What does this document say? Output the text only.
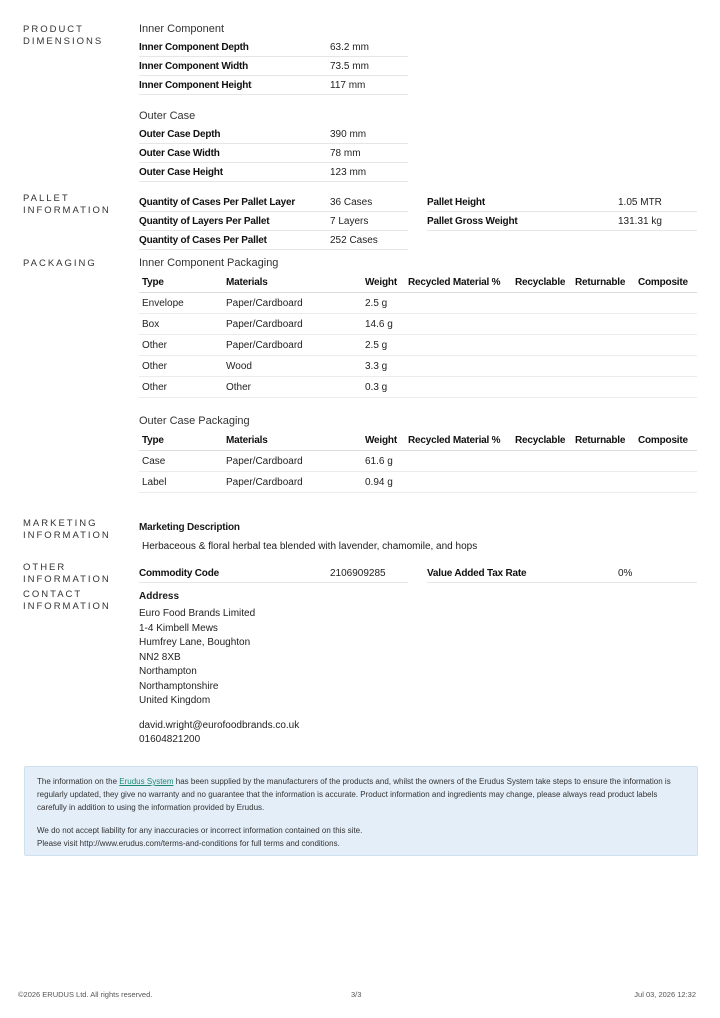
PRODUCT DIMENSIONS
Inner Component
Inner Component Depth	63.2 mm
Inner Component Width	73.5 mm
Inner Component Height	117 mm
Outer Case
Outer Case Depth	390 mm
Outer Case Width	78 mm
Outer Case Height	123 mm
PALLET INFORMATION
Quantity of Cases Per Pallet Layer	36 Cases		Pallet Height	1.05 MTR
Quantity of Layers Per Pallet	7 Layers		Pallet Gross Weight	131.31 kg
Quantity of Cases Per Pallet	252 Cases			
PACKAGING	Inner Component Packaging
Type	Materials	Weight	Recycled Material %	Recyclable	Returnable	Composite
Envelope	Paper/Cardboard	2.5 g				
Box	Paper/Cardboard	14.6 g				
Other	Paper/Cardboard	2.5 g				
Other	Wood	3.3 g				
Other	Other	0.3 g				
Outer Case Packaging
Type	Materials	Weight	Recycled Material %	Recyclable	Returnable	Composite
Case	Paper/Cardboard	61.6 g				
Label	Paper/Cardboard	0.94 g				
MARKETING INFORMATION
Marketing Description
Herbaceous & floral herbal tea blended with lavender, chamomile, and hops
OTHER INFORMATION
Commodity Code	2106909285		Value Added Tax Rate	0%
CONTACT INFORMATION
Address
Euro Food Brands Limited
1-4 Kimbell Mews
Humfrey Lane, Boughton
NN2 8XB
Northampton
Northamptonshire
United Kingdom
david.wright@eurofoodbrands.co.uk
01604821200
The information on the Erudus System has been supplied by the manufacturers of the products and, whilst the owners of the Erudus System take steps to ensure the information is regularly updated, they give no warranty and no guarantee that the information is accurate. Product information and ingredients may change, please always read product labels carefully in addition to using the information provided by Erudus.
We do not accept liability for any inaccuracies or incorrect information contained on this site.
Please visit http://www.erudus.com/terms-and-conditions for full terms and conditions.
©2026 ERUDUS Ltd. All rights reserved.	3/3	Jul 03, 2026 12:32
